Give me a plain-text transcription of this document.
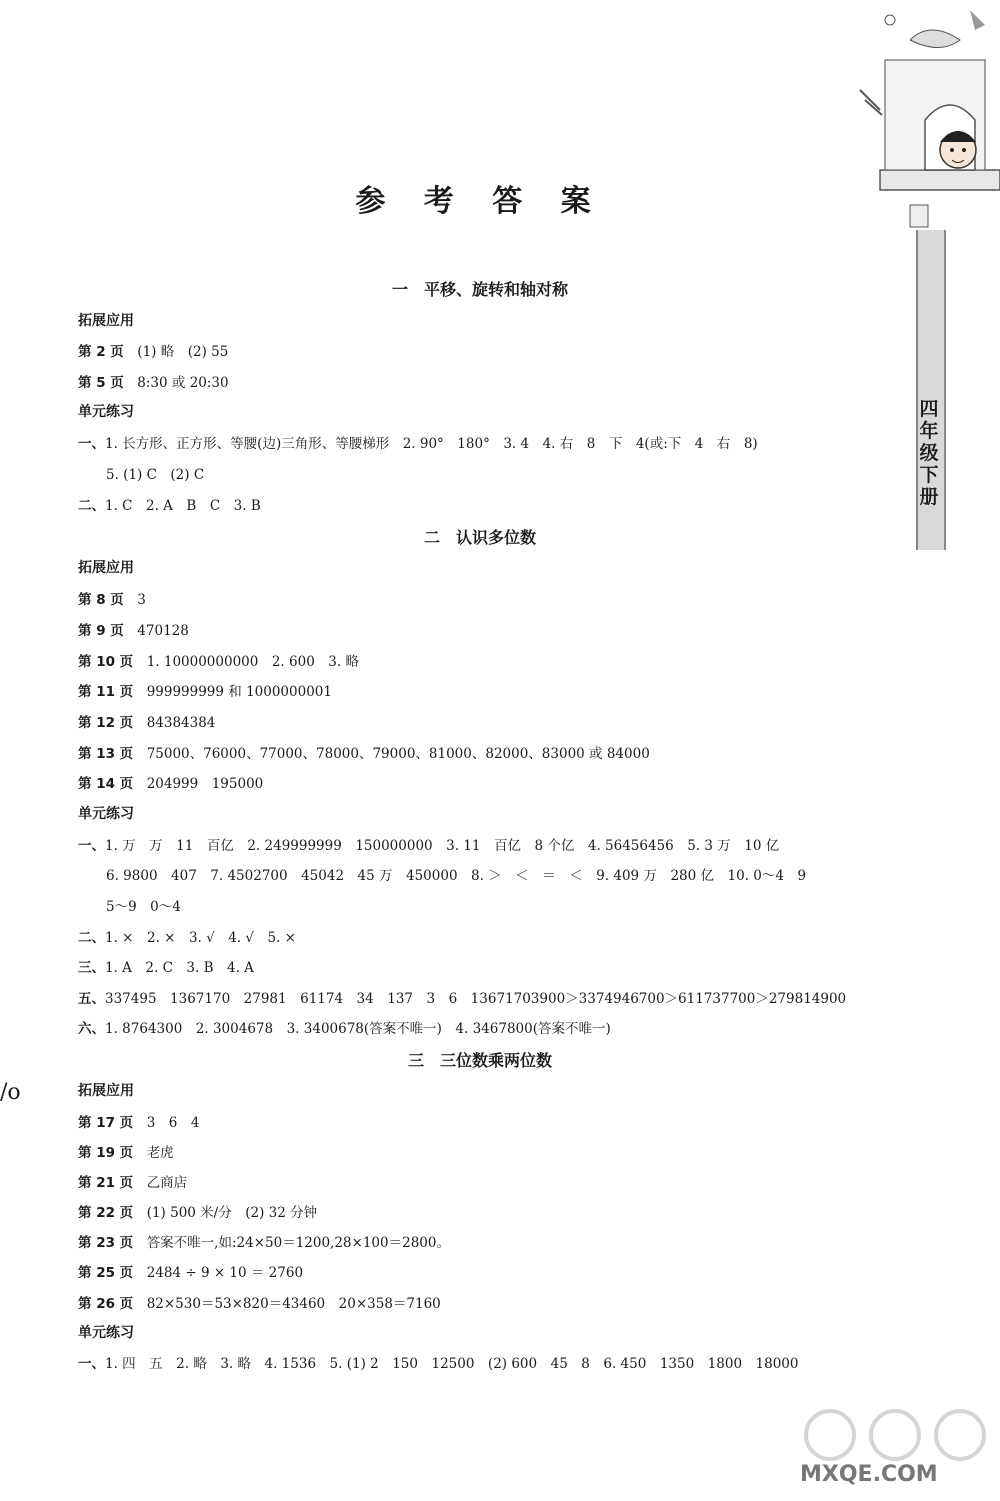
四
年
级
下
册
参 考 答 案
一　平移、旋转和轴对称
拓展应用
第 2 页　 (1) 略　(2) 55
第 5 页　 8:30 或 20:30
单元练习
一、1. 长方形、正方形、等腰(边)三角形、等腰梯形　2. 90°　180°　3. 4　4. 右　8　下　4(或:下　4　右　8)
5. (1) C　(2) C
二、1. C　2. A　B　C　3. B
二　认识多位数
拓展应用
第 8 页　 3
第 9 页　 470128
第 10 页　 1. 10000000000　2. 600　3. 略
第 11 页　 999999999 和 1000000001
第 12 页　 84384384
第 13 页　 75000、76000、77000、78000、79000、81000、82000、83000 或 84000
第 14 页　 204999　195000
单元练习
一、1. 万　万　11　百亿　2. 249999999　150000000　3. 11　百亿　8 个亿　4. 56456456　5. 3 万　10 亿
6. 9800　407　7. 4502700　45042　45 万　450000　8. ＞　＜　＝　＜　9. 409 万　280 亿　10. 0～4　9
5～9　0～4
二、1. ×　2. ×　3. √　4. √　5. ×
三、1. A　2. C　3. B　4. A
五、337495　1367170　27981　61174　34　137　3　6　13671703900＞3374946700＞611737700＞279814900
六、1. 8764300　2. 3004678　3. 3400678(答案不唯一)　4. 3467800(答案不唯一)
三　三位数乘两位数
拓展应用
第 17 页　 3　6　4
第 19 页　 老虎
第 21 页　 乙商店
第 22 页　 (1) 500 米/分　(2) 32 分钟
第 23 页　 答案不唯一,如:24×50＝1200,28×100＝2800。
第 25 页　 2484 ÷ 9 × 10 ＝ 2760
第 26 页　 82×530＝53×820＝43460　20×358＝7160
单元练习
一、1. 四　五　2. 略　3. 略　4. 1536　5. (1) 2　150　12500　(2) 600　45　8　6. 450　1350　1800　18000
/o
MXQE.COM
